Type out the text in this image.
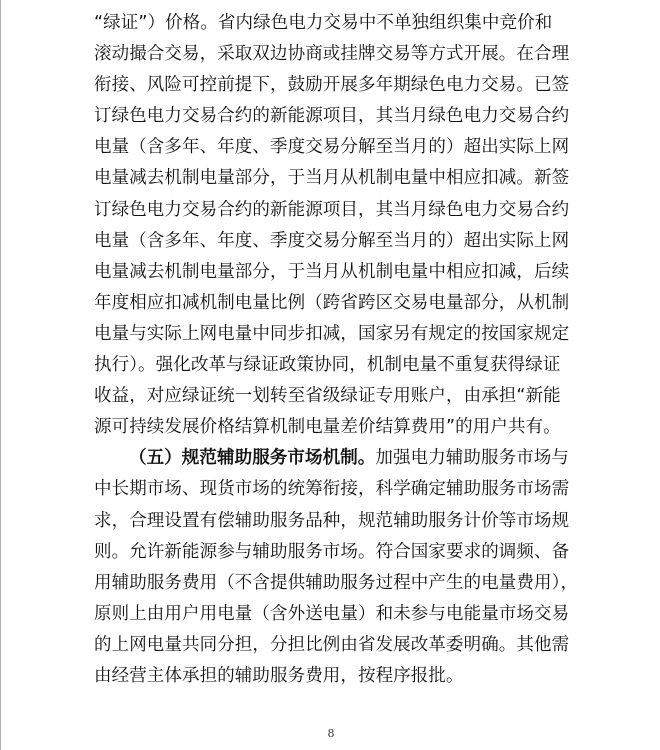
“绿证”）价格。省内绿色电力交易中不单独组织集中竞价和
滚动撮合交易，采取双边协商或挂牌交易等方式开展。在合理
衔接、风险可控前提下，鼓励开展多年期绿色电力交易。已签
订绿色电力交易合约的新能源项目，其当月绿色电力交易合约
电量（含多年、年度、季度交易分解至当月的）超出实际上网
电量减去机制电量部分，于当月从机制电量中相应扣减。新签
订绿色电力交易合约的新能源项目，其当月绿色电力交易合约
电量（含多年、年度、季度交易分解至当月的）超出实际上网
电量减去机制电量部分，于当月从机制电量中相应扣减，后续
年度相应扣减机制电量比例（跨省跨区交易电量部分，从机制
电量与实际上网电量中同步扣减，国家另有规定的按国家规定
执行）。强化改革与绿证政策协同，机制电量不重复获得绿证
收益，对应绿证统一划转至省级绿证专用账户，由承担“新能
源可持续发展价格结算机制电量差价结算费用”的用户共有。
（五）规范辅助服务市场机制。加强电力辅助服务市场与
中长期市场、现货市场的统筹衔接，科学确定辅助服务市场需
求，合理设置有偿辅助服务品种，规范辅助服务计价等市场规
则。允许新能源参与辅助服务市场。符合国家要求的调频、备
用辅助服务费用（不含提供辅助服务过程中产生的电量费用），
原则上由用户用电量（含外送电量）和未参与电能量市场交易
的上网电量共同分担，分担比例由省发展改革委明确。其他需
由经营主体承担的辅助服务费用，按程序报批。
8
